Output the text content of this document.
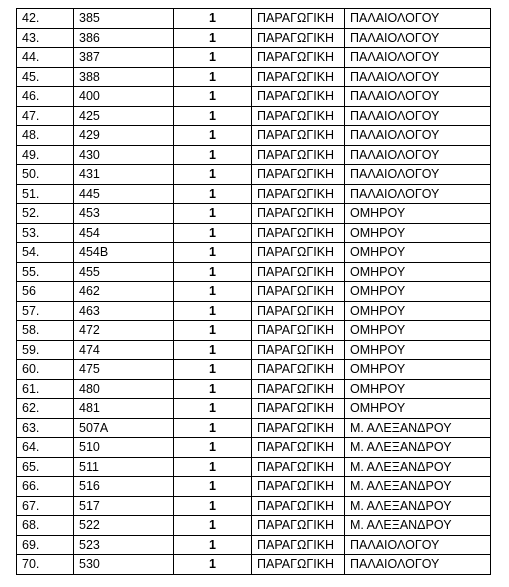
42.	385	1	ΠΑΡΑΓΩΓΙΚΗ	ΠΑΛΑΙΟΛΟΓΟΥ
43.	386	1	ΠΑΡΑΓΩΓΙΚΗ	ΠΑΛΑΙΟΛΟΓΟΥ
44.	387	1	ΠΑΡΑΓΩΓΙΚΗ	ΠΑΛΑΙΟΛΟΓΟΥ
45.	388	1	ΠΑΡΑΓΩΓΙΚΗ	ΠΑΛΑΙΟΛΟΓΟΥ
46.	400	1	ΠΑΡΑΓΩΓΙΚΗ	ΠΑΛΑΙΟΛΟΓΟΥ
47.	425	1	ΠΑΡΑΓΩΓΙΚΗ	ΠΑΛΑΙΟΛΟΓΟΥ
48.	429	1	ΠΑΡΑΓΩΓΙΚΗ	ΠΑΛΑΙΟΛΟΓΟΥ
49.	430	1	ΠΑΡΑΓΩΓΙΚΗ	ΠΑΛΑΙΟΛΟΓΟΥ
50.	431	1	ΠΑΡΑΓΩΓΙΚΗ	ΠΑΛΑΙΟΛΟΓΟΥ
51.	445	1	ΠΑΡΑΓΩΓΙΚΗ	ΠΑΛΑΙΟΛΟΓΟΥ
52.	453	1	ΠΑΡΑΓΩΓΙΚΗ	ΟΜΗΡΟΥ
53.	454	1	ΠΑΡΑΓΩΓΙΚΗ	ΟΜΗΡΟΥ
54.	454Β	1	ΠΑΡΑΓΩΓΙΚΗ	ΟΜΗΡΟΥ
55.	455	1	ΠΑΡΑΓΩΓΙΚΗ	ΟΜΗΡΟΥ
56	462	1	ΠΑΡΑΓΩΓΙΚΗ	ΟΜΗΡΟΥ
57.	463	1	ΠΑΡΑΓΩΓΙΚΗ	ΟΜΗΡΟΥ
58.	472	1	ΠΑΡΑΓΩΓΙΚΗ	ΟΜΗΡΟΥ
59.	474	1	ΠΑΡΑΓΩΓΙΚΗ	ΟΜΗΡΟΥ
60.	475	1	ΠΑΡΑΓΩΓΙΚΗ	ΟΜΗΡΟΥ
61.	480	1	ΠΑΡΑΓΩΓΙΚΗ	ΟΜΗΡΟΥ
62.	481	1	ΠΑΡΑΓΩΓΙΚΗ	ΟΜΗΡΟΥ
63.	507Α	1	ΠΑΡΑΓΩΓΙΚΗ	Μ. ΑΛΕΞΑΝΔΡΟΥ
64.	510	1	ΠΑΡΑΓΩΓΙΚΗ	Μ. ΑΛΕΞΑΝΔΡΟΥ
65.	511	1	ΠΑΡΑΓΩΓΙΚΗ	Μ. ΑΛΕΞΑΝΔΡΟΥ
66.	516	1	ΠΑΡΑΓΩΓΙΚΗ	Μ. ΑΛΕΞΑΝΔΡΟΥ
67.	517	1	ΠΑΡΑΓΩΓΙΚΗ	Μ. ΑΛΕΞΑΝΔΡΟΥ
68.	522	1	ΠΑΡΑΓΩΓΙΚΗ	Μ. ΑΛΕΞΑΝΔΡΟΥ
69.	523	1	ΠΑΡΑΓΩΓΙΚΗ	ΠΑΛΑΙΟΛΟΓΟΥ
70.	530	1	ΠΑΡΑΓΩΓΙΚΗ	ΠΑΛΑΙΟΛΟΓΟΥ
